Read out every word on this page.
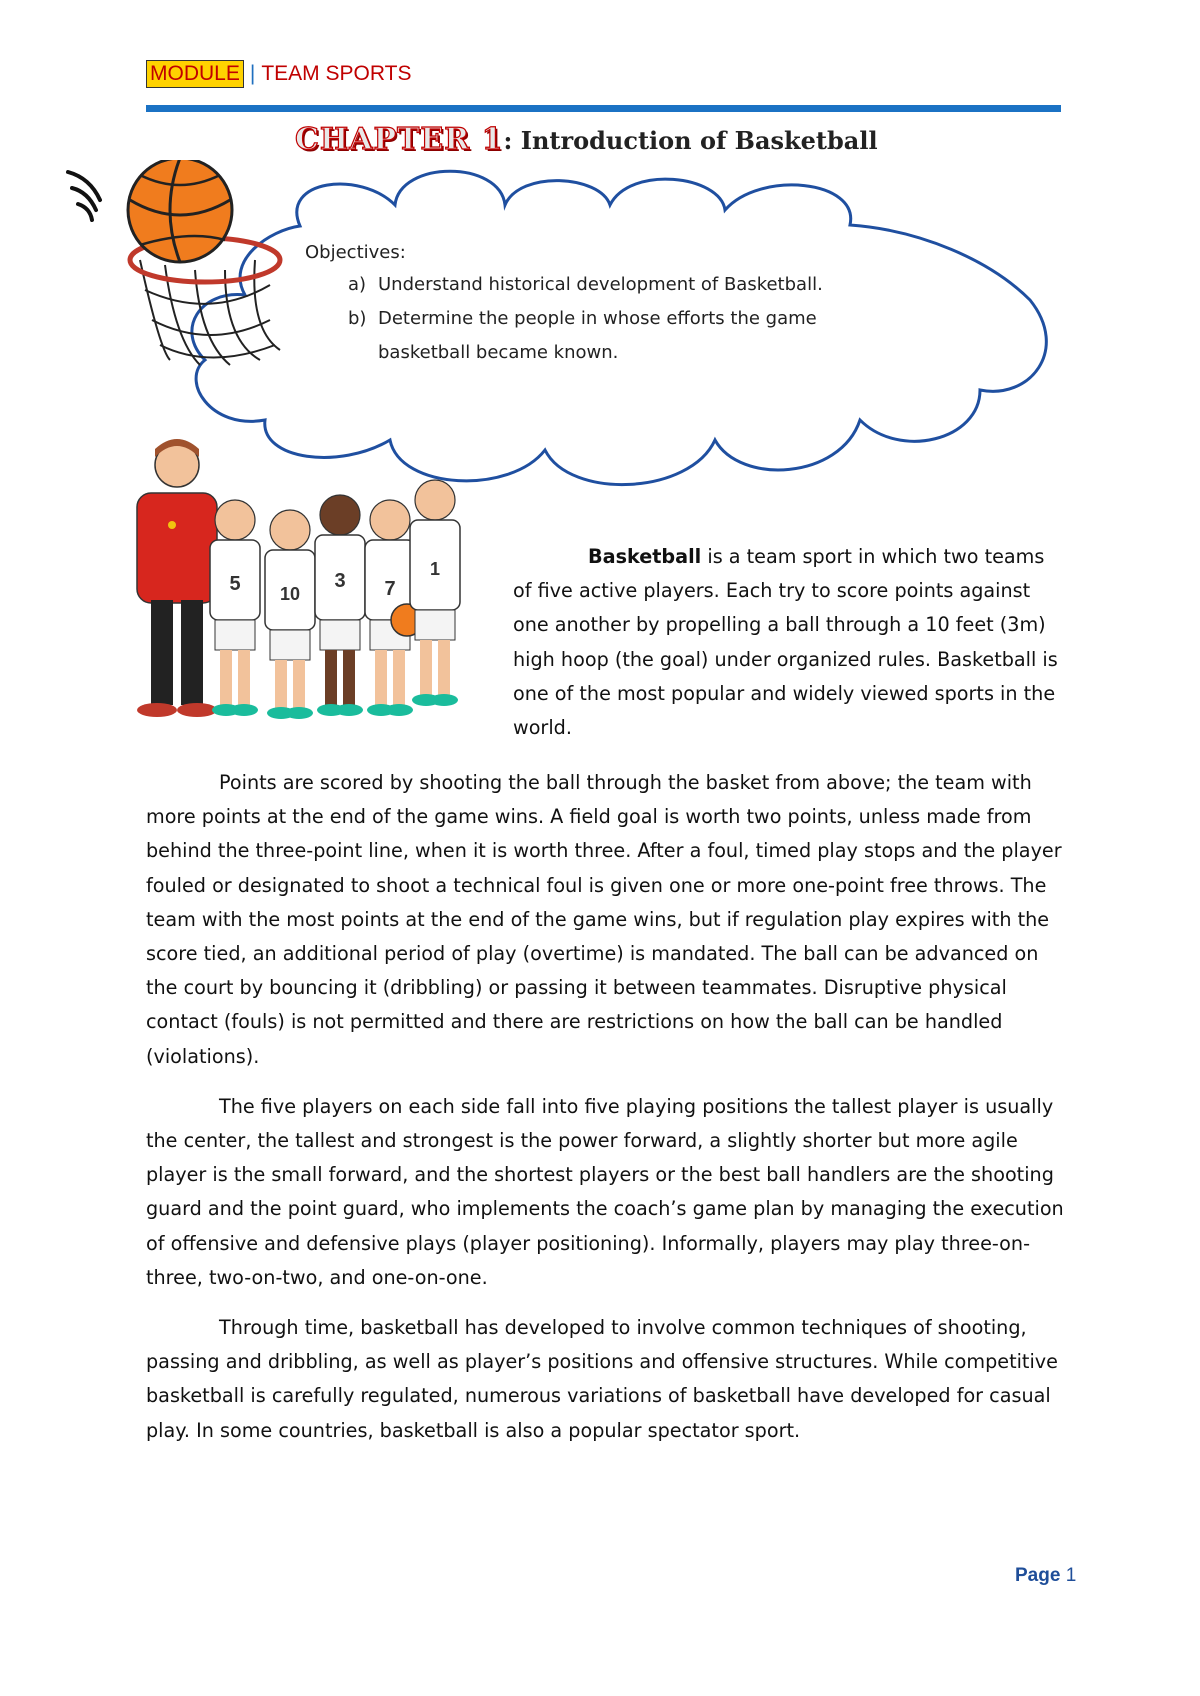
MODULE | TEAM SPORTS
CHAPTER 1: Introduction of Basketball
Objectives:
a) Understand historical development of Basketball.
b) Determine the people in whose efforts the game basketball became known.
5 10
3 7
1

Basketball is a team sport in which two teams of five active players. Each try to score points against one another by propelling a ball through a 10 feet (3m) high hoop (the goal) under organized rules. Basketball is one of the most popular and widely viewed sports in the world.

Points are scored by shooting the ball through the basket from above; the team with more points at the end of the game wins. A field goal is worth two points, unless made from behind the three-point line, when it is worth three. After a foul, timed play stops and the player fouled or designated to shoot a technical foul is given one or more one-point free throws. The team with the most points at the end of the game wins, but if regulation play expires with the score tied, an additional period of play (overtime) is mandated. The ball can be advanced on the court by bouncing it (dribbling) or passing it between teammates. Disruptive physical contact (fouls) is not permitted and there are restrictions on how the ball can be handled (violations).

The five players on each side fall into five playing positions the tallest player is usually the center, the tallest and strongest is the power forward, a slightly shorter but more agile player is the small forward, and the shortest players or the best ball handlers are the shooting guard and the point guard, who implements the coach’s game plan by managing the execution of offensive and defensive plays (player positioning). Informally, players may play three-on-three, two-on-two, and one-on-one.

Through time, basketball has developed to involve common techniques of shooting, passing and dribbling, as well as player’s positions and offensive structures. While competitive basketball is carefully regulated, numerous variations of basketball have developed for casual play. In some countries, basketball is also a popular spectator sport.

Page 1
